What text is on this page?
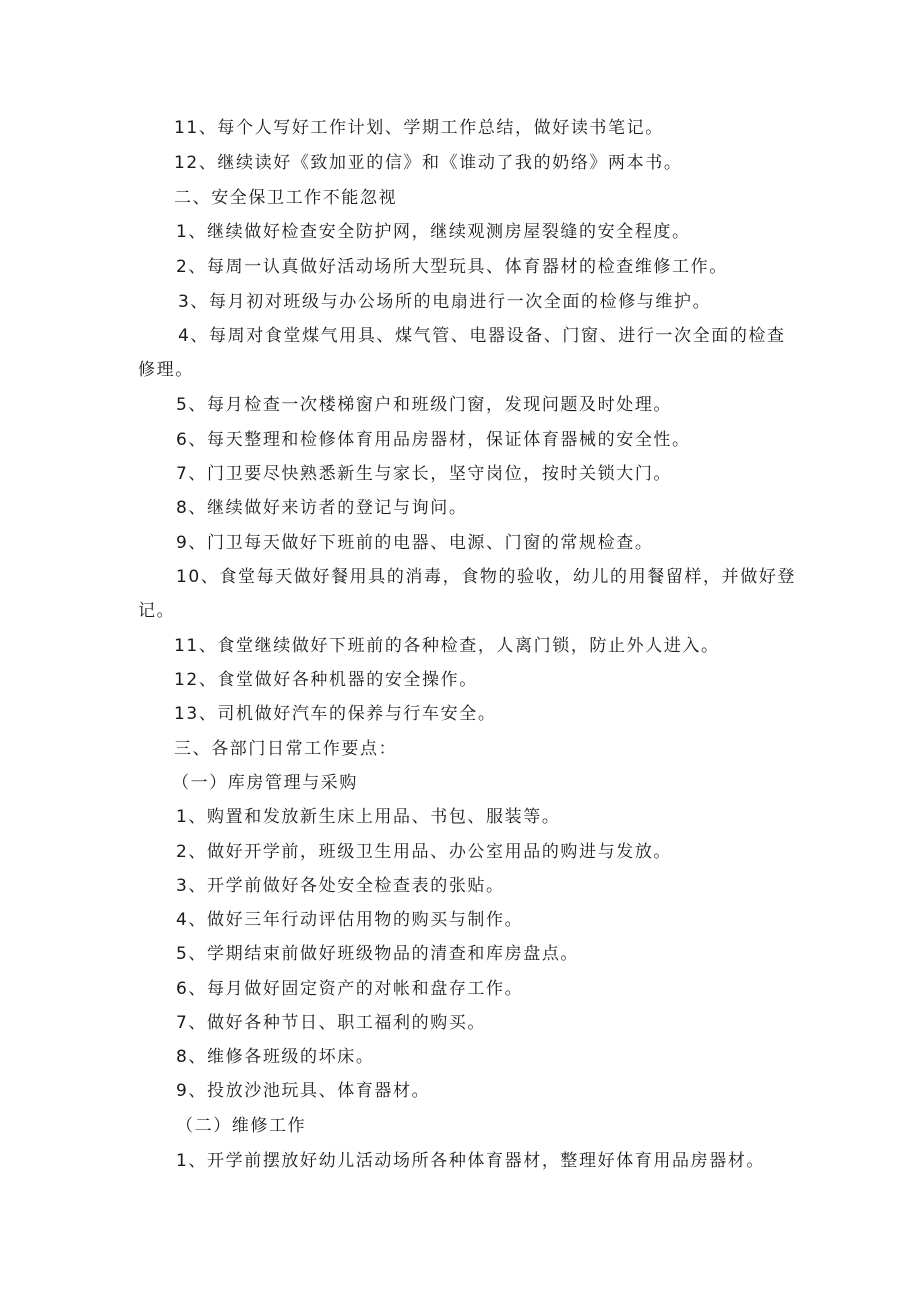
11、每个人写好工作计划、学期工作总结，做好读书笔记。
12、继续读好《致加亚的信》和《谁动了我的奶络》两本书。
二、安全保卫工作不能忽视
1、继续做好检查安全防护网，继续观测房屋裂缝的安全程度。
2、每周一认真做好活动场所大型玩具、体育器材的检查维修工作。
3、每月初对班级与办公场所的电扇进行一次全面的检修与维护。
4、每周对食堂煤气用具、煤气管、电器设备、门窗、进行一次全面的检查
修理。
5、每月检查一次楼梯窗户和班级门窗，发现问题及时处理。
6、每天整理和检修体育用品房器材，保证体育器械的安全性。
7、门卫要尽快熟悉新生与家长，坚守岗位，按时关锁大门。
8、继续做好来访者的登记与询问。
9、门卫每天做好下班前的电器、电源、门窗的常规检查。
10、食堂每天做好餐用具的消毒，食物的验收，幼儿的用餐留样，并做好登
记。
11、食堂继续做好下班前的各种检查，人离门锁，防止外人进入。
12、食堂做好各种机器的安全操作。
13、司机做好汽车的保养与行车安全。
三、各部门日常工作要点：
（一）库房管理与采购
1、购置和发放新生床上用品、书包、服装等。
2、做好开学前，班级卫生用品、办公室用品的购进与发放。
3、开学前做好各处安全检查表的张贴。
4、做好三年行动评估用物的购买与制作。
5、学期结束前做好班级物品的清查和库房盘点。
6、每月做好固定资产的对帐和盘存工作。
7、做好各种节日、职工福利的购买。
8、维修各班级的坏床。
9、投放沙池玩具、体育器材。
（二）维修工作
1、开学前摆放好幼儿活动场所各种体育器材，整理好体育用品房器材。
